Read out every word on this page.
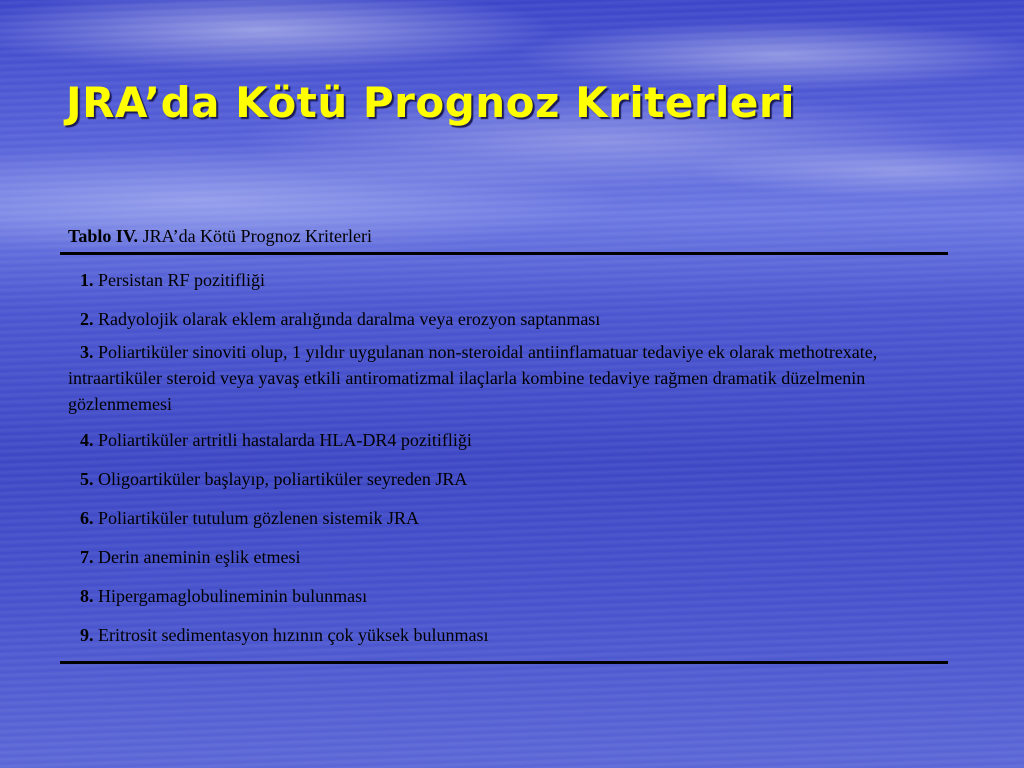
JRA’da Kötü Prognoz Kriterleri
Tablo IV. JRA’da Kötü Prognoz Kriterleri
1. Persistan RF pozitifliği
2. Radyolojik olarak eklem aralığında daralma veya erozyon saptanması
3. Poliartiküler sinoviti olup, 1 yıldır uygulanan non-steroidal antiinflamatuar tedaviye ek olarak methotrexate, intraartiküler steroid veya yavaş etkili antiromatizmal ilaçlarla kombine tedaviye rağmen dramatik düzelmenin gözlenmemesi
4. Poliartiküler artritli hastalarda HLA-DR4 pozitifliği
5. Oligoartiküler başlayıp, poliartiküler seyreden JRA
6. Poliartiküler tutulum gözlenen sistemik JRA
7. Derin aneminin eşlik etmesi
8. Hipergamaglobulineminin bulunması
9. Eritrosit sedimentasyon hızının çok yüksek bulunması
